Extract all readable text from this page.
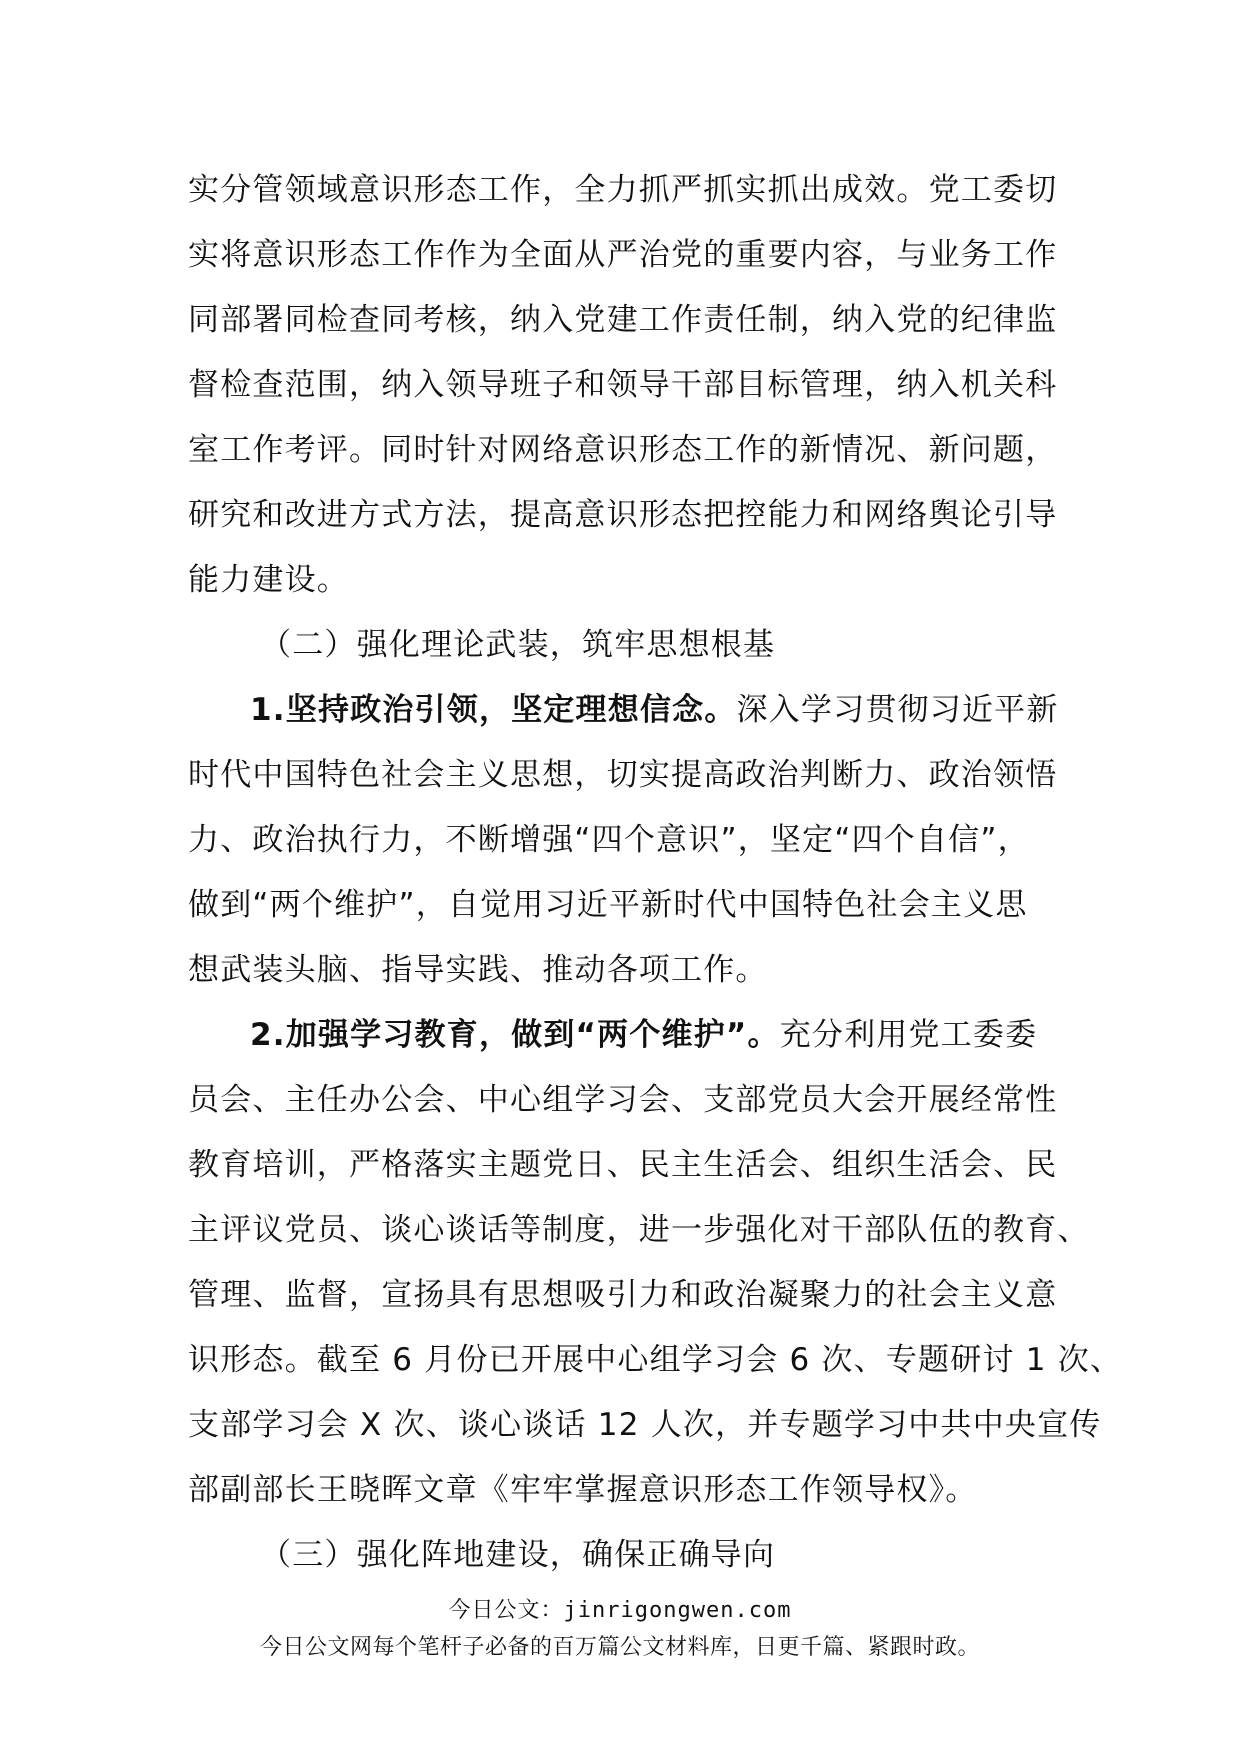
实分管领域意识形态工作，全力抓严抓实抓出成效。党工委切
实将意识形态工作作为全面从严治党的重要内容，与业务工作
同部署同检查同考核，纳入党建工作责任制，纳入党的纪律监
督检查范围，纳入领导班子和领导干部目标管理，纳入机关科
室工作考评。同时针对网络意识形态工作的新情况、新问题，
研究和改进方式方法，提高意识形态把控能力和网络舆论引导
能力建设。
（二）强化理论武装，筑牢思想根基
1.坚持政治引领，坚定理想信念。深入学习贯彻习近平新
时代中国特色社会主义思想，切实提高政治判断力、政治领悟
力、政治执行力，不断增强“四个意识”，坚定“四个自信”，
做到“两个维护”，自觉用习近平新时代中国特色社会主义思
想武装头脑、指导实践、推动各项工作。
2.加强学习教育，做到“两个维护”。充分利用党工委委
员会、主任办公会、中心组学习会、支部党员大会开展经常性
教育培训，严格落实主题党日、民主生活会、组织生活会、民
主评议党员、谈心谈话等制度，进一步强化对干部队伍的教育、
管理、监督，宣扬具有思想吸引力和政治凝聚力的社会主义意
识形态。截至 6 月份已开展中心组学习会 6 次、专题研讨 1 次、
支部学习会 X 次、谈心谈话 12 人次，并专题学习中共中央宣传
部副部长王晓晖文章《牢牢掌握意识形态工作领导权》。
（三）强化阵地建设，确保正确导向
今日公文：jinrigongwen.com
今日公文网每个笔杆子必备的百万篇公文材料库，日更千篇、紧跟时政。
